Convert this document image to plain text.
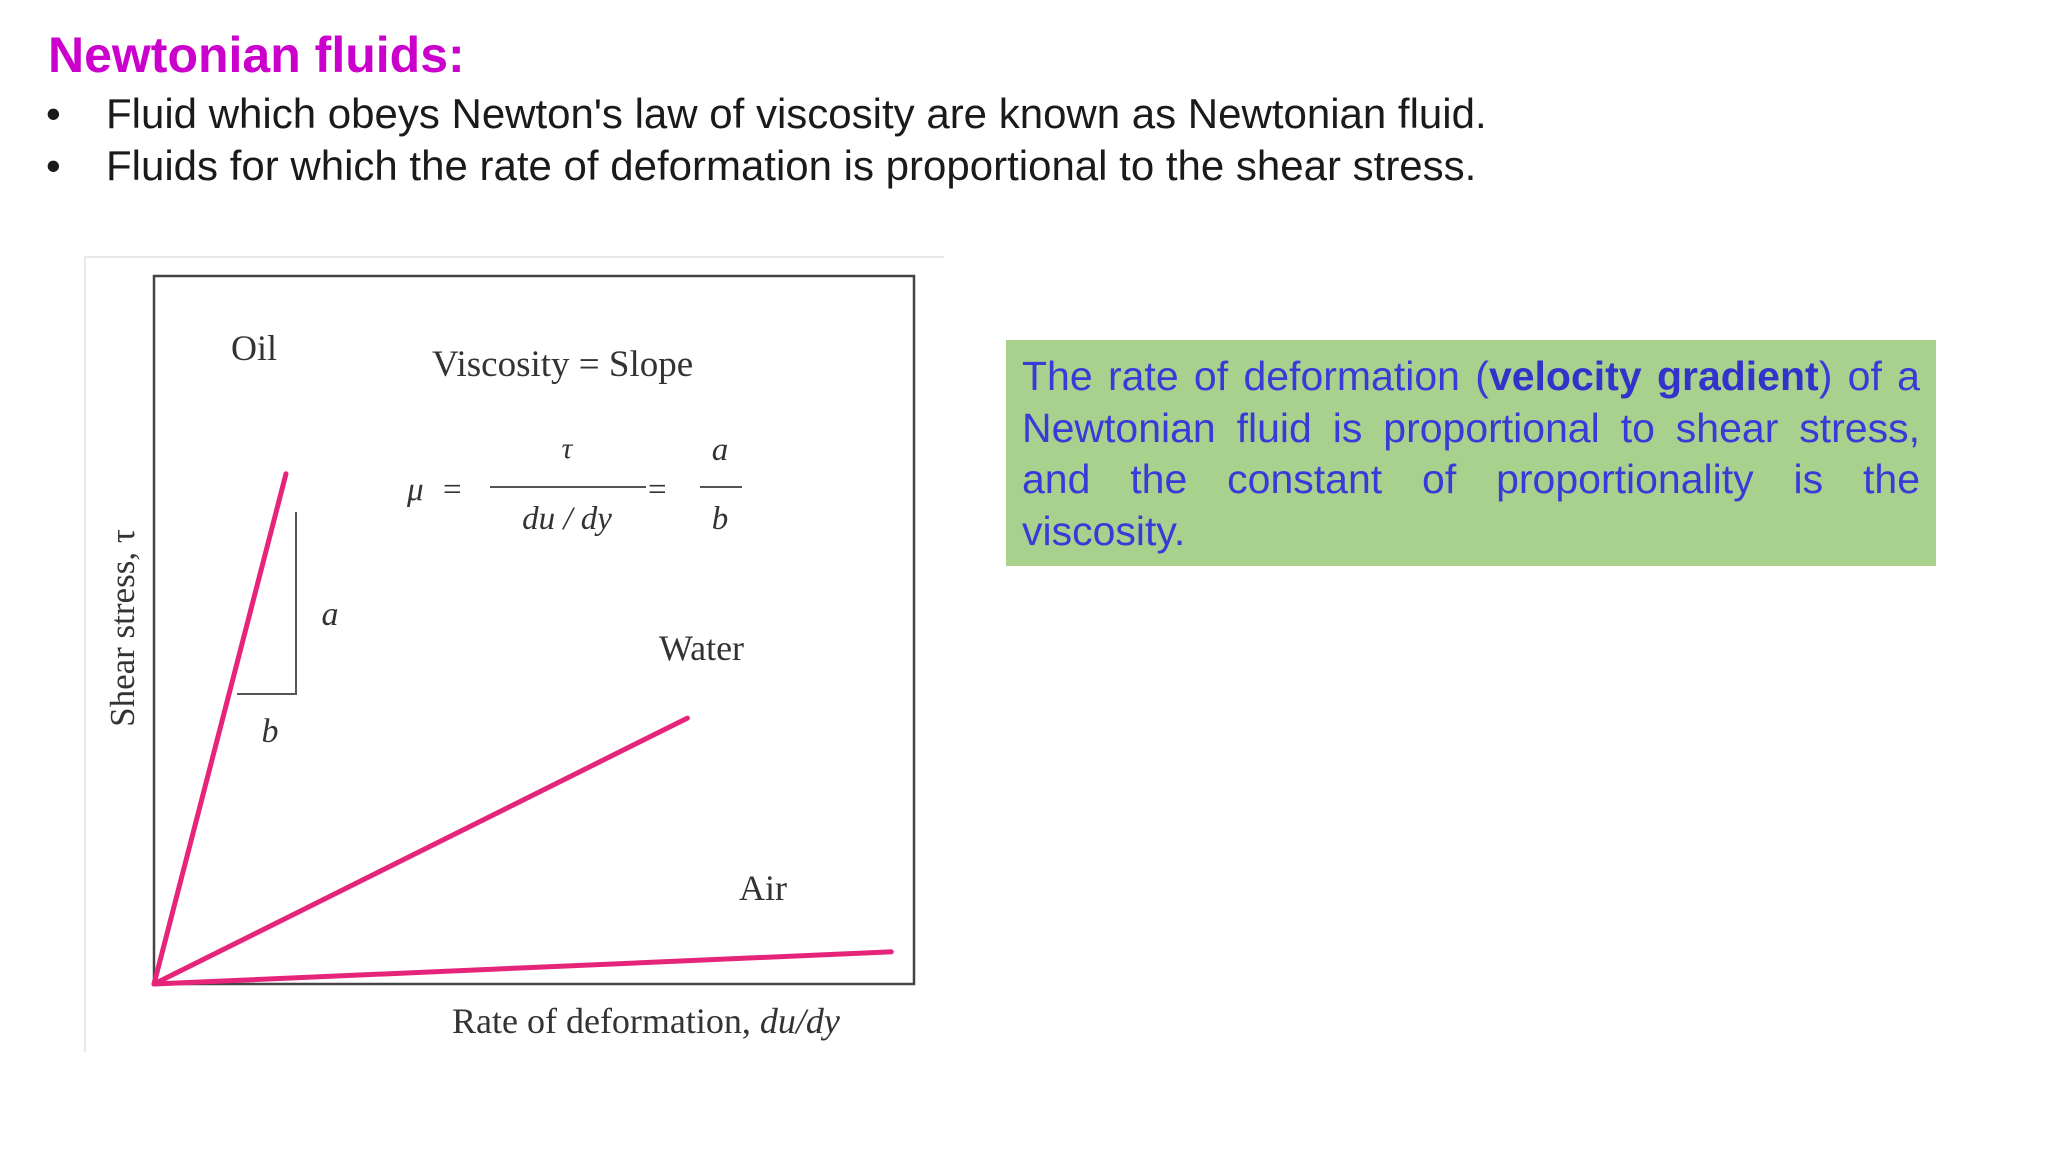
Newtonian fluids:
• Fluid which obeys Newton's law of viscosity are known as Newtonian fluid.
• Fluids for which the rate of deformation is proportional to the shear stress.
a
b
Oil
Water
Air
Viscosity = Slope
μ =
τ
du / dy
=
a
b
Shear stress, τ
Rate of deformation, du/dy
The rate of deformation (velocity gradient) of a Newtonian fluid is proportional to shear stress, and the constant of proportionality is the viscosity.
